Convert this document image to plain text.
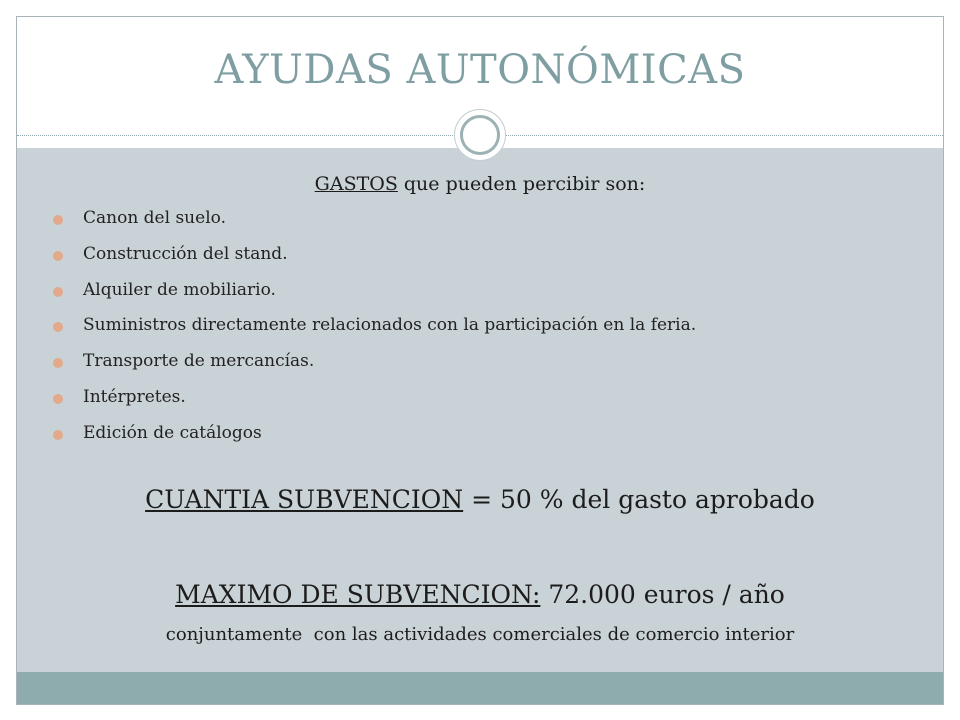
AYUDAS AUTONÓMICAS
GASTOS que pueden percibir son:
Canon del suelo.
Construcción del stand.
Alquiler de mobiliario.
Suministros directamente relacionados con la participación en la feria.
Transporte de mercancías.
Intérpretes.
Edición de catálogos
CUANTIA SUBVENCION = 50 % del gasto aprobado
MAXIMO DE SUBVENCION: 72.000 euros / año
conjuntamente  con las actividades comerciales de comercio interior
